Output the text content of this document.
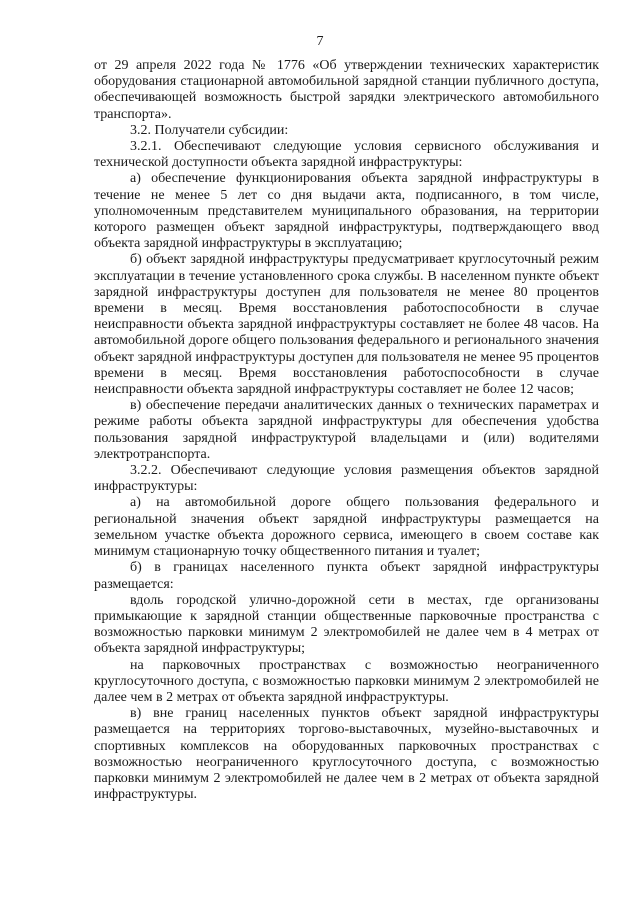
7

от 29 апреля 2022 года № 1776 «Об утверждении технических характеристик оборудования стационарной автомобильной зарядной станции публичного доступа, обеспечивающей возможность быстрой зарядки электрического автомобильного транспорта».

3.2. Получатели субсидии:

3.2.1. Обеспечивают следующие условия сервисного обслуживания и технической доступности объекта зарядной инфраструктуры:

а) обеспечение функционирования объекта зарядной инфраструктуры в течение не менее 5 лет со дня выдачи акта, подписанного, в том числе, уполномоченным представителем муниципального образования, на территории которого размещен объект зарядной инфраструктуры, подтверждающего ввод объекта зарядной инфраструктуры в эксплуатацию;

б) объект зарядной инфраструктуры предусматривает круглосуточный режим эксплуатации в течение установленного срока службы. В населенном пункте объект зарядной инфраструктуры доступен для пользователя не менее 80 процентов времени в месяц. Время восстановления работоспособности в случае неисправности объекта зарядной инфраструктуры составляет не более 48 часов. На автомобильной дороге общего пользования федерального и регионального значения объект зарядной инфраструктуры доступен для пользователя не менее 95 процентов времени в месяц. Время восстановления работоспособности в случае неисправности объекта зарядной инфраструктуры составляет не более 12 часов;

в) обеспечение передачи аналитических данных о технических параметрах и режиме работы объекта зарядной инфраструктуры для обеспечения удобства пользования зарядной инфраструктурой владельцами и (или) водителями электротранспорта.

3.2.2. Обеспечивают следующие условия размещения объектов зарядной инфраструктуры:

а) на автомобильной дороге общего пользования федерального и региональной значения объект зарядной инфраструктуры размещается на земельном участке объекта дорожного сервиса, имеющего в своем составе как минимум стационарную точку общественного питания и туалет;

б) в границах населенного пункта объект зарядной инфраструктуры размещается:

вдоль городской улично-дорожной сети в местах, где организованы примыкающие к зарядной станции общественные парковочные пространства с возможностью парковки минимум 2 электромобилей не далее чем в 4 метрах от объекта зарядной инфраструктуры;

на парковочных пространствах с возможностью неограниченного круглосуточного доступа, с возможностью парковки минимум 2 электромобилей не далее чем в 2 метрах от объекта зарядной инфраструктуры.

в) вне границ населенных пунктов объект зарядной инфраструктуры размещается на территориях торгово-выставочных, музейно-выставочных и спортивных комплексов на оборудованных парковочных пространствах с возможностью неограниченного круглосуточного доступа, с возможностью парковки минимум 2 электромобилей не далее чем в 2 метрах от объекта зарядной инфраструктуры.
